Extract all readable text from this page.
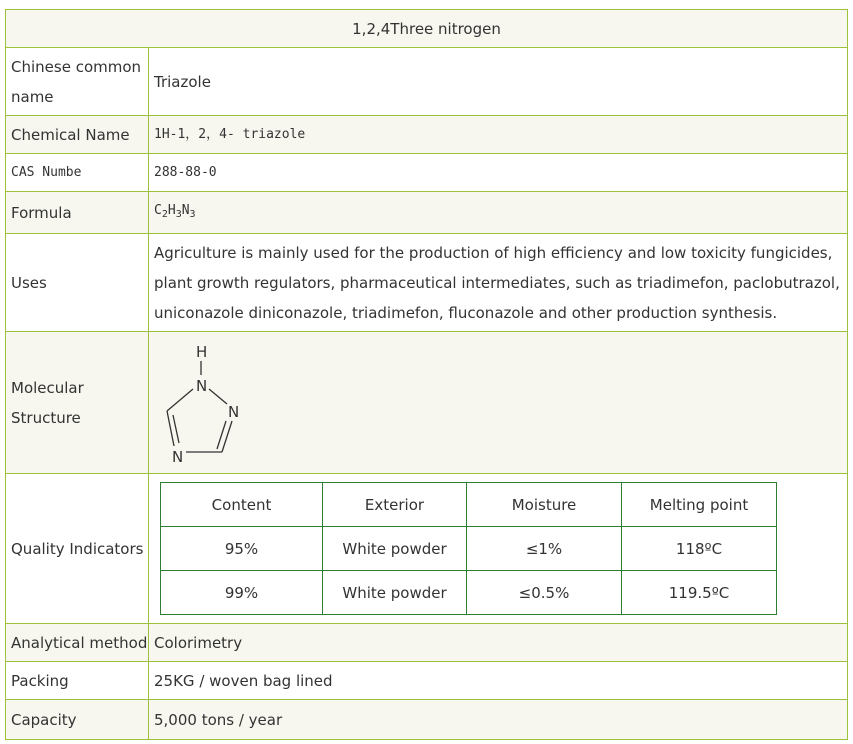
1,2,4Three nitrogen
Chinese common name	Triazole
Chemical Name	1H-1，2，4- triazole
CAS Numbe	288-88-0
Formula	$C_2H_3N_3$
Uses	Agriculture is mainly used for the production of high efficiency and low toxicity fungicides, plant growth regulators, pharmaceutical intermediates, such as triadimefon, paclobutrazol, uniconazole diniconazole, triadimefon, fluconazole and other production synthesis.
Molecular Structure	
H
N
N
N

Quality Indicators	
Content	Exterior	Moisture	Melting point
95%	White powder	≤1%	118ºC
99%	White powder	≤0.5%	119.5ºC

Analytical method	Colorimetry
Packing	25KG / woven bag lined
Capacity	5,000 tons / year
